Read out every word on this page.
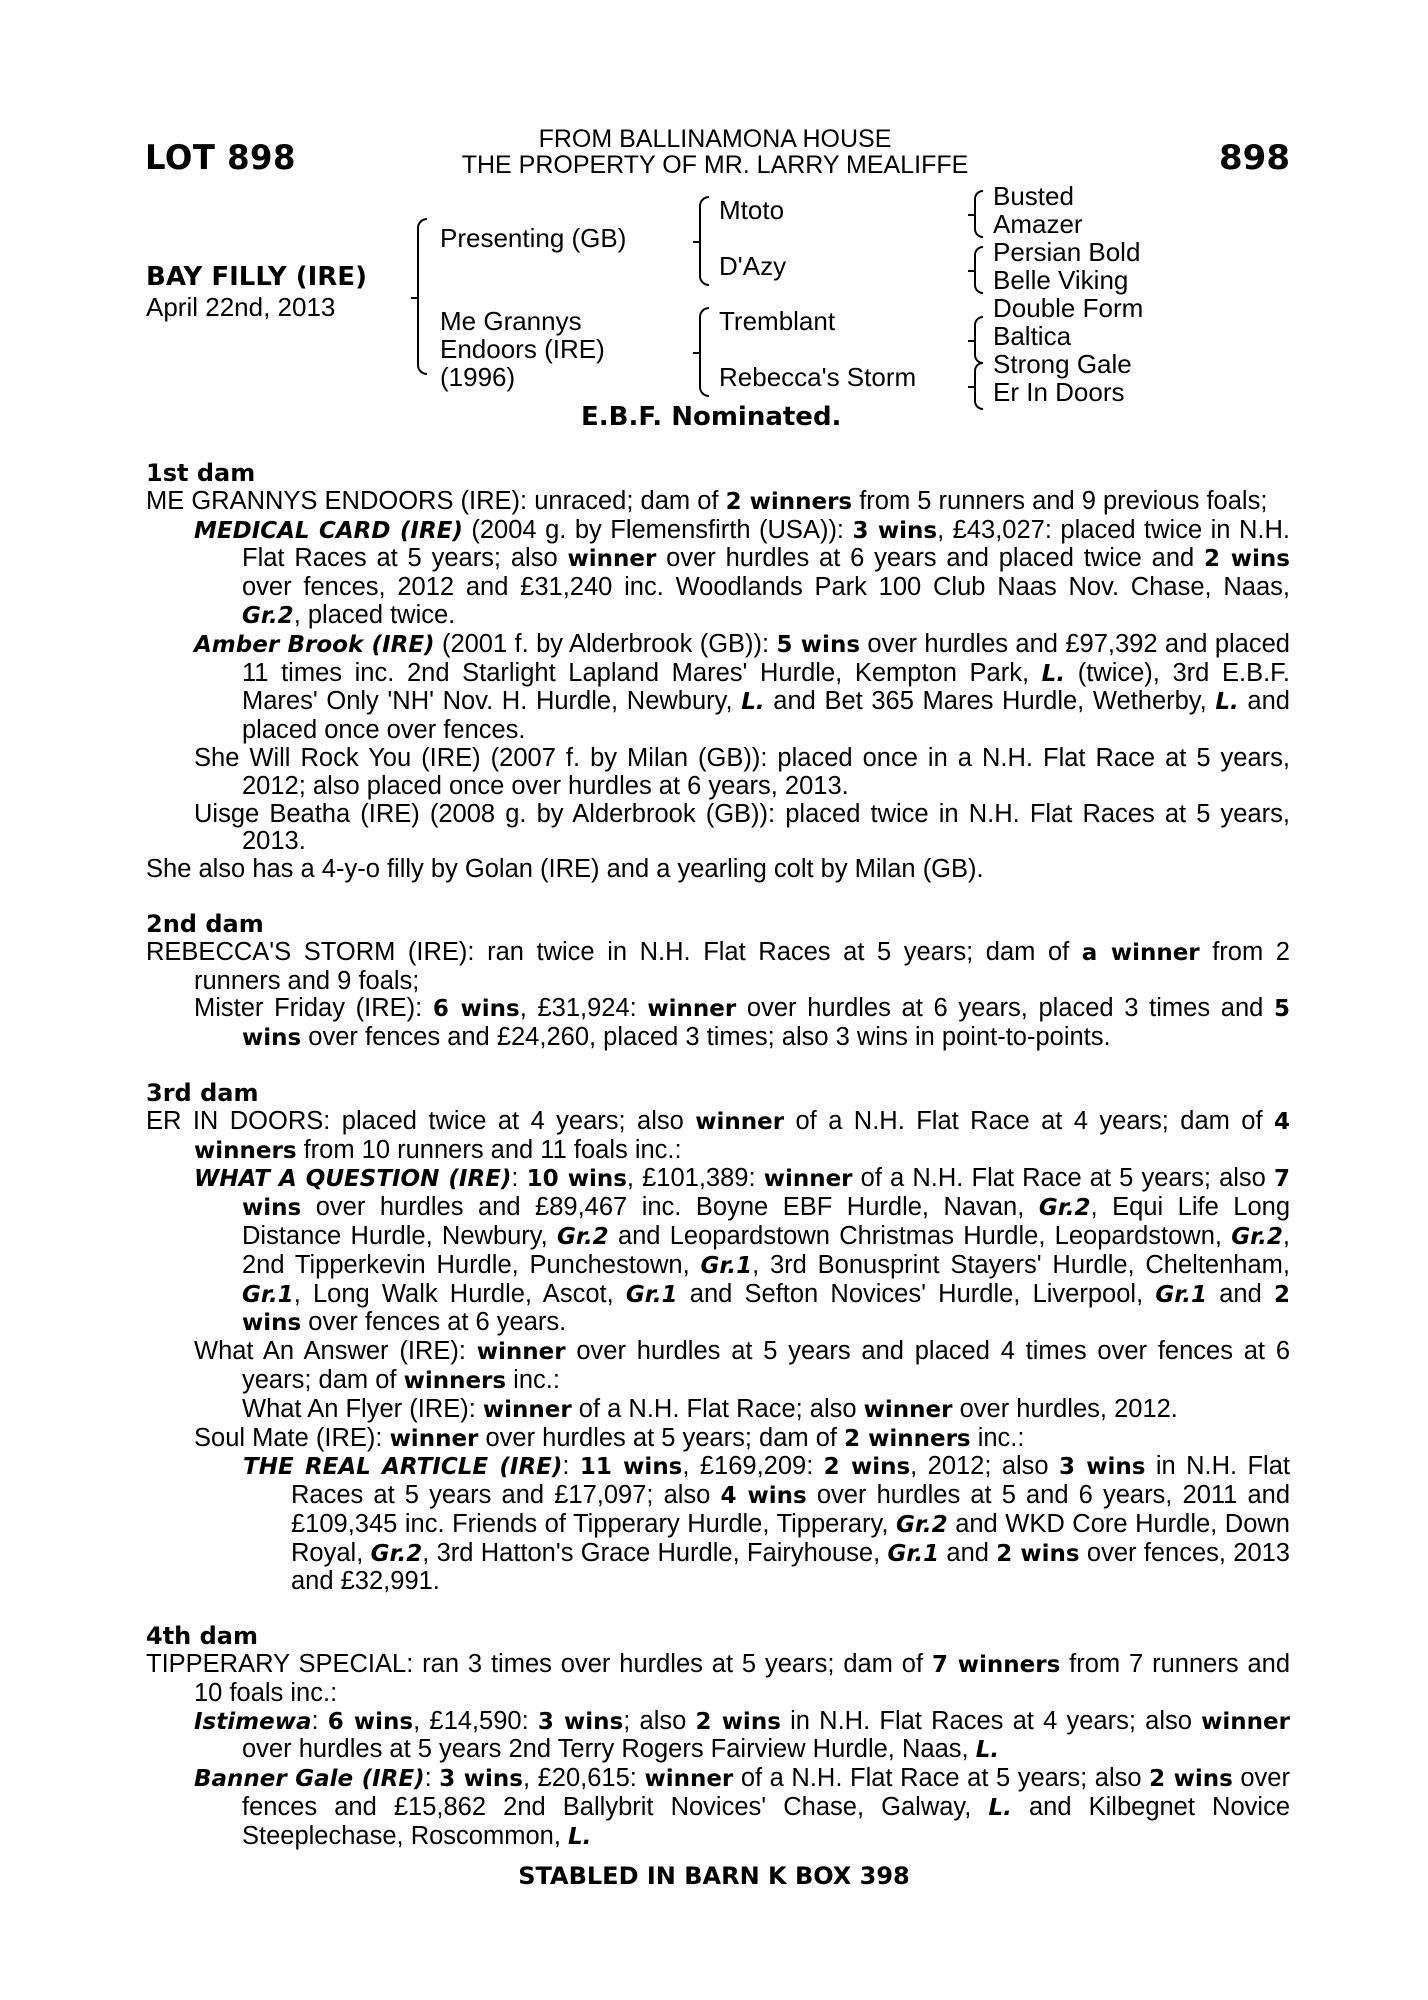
LOT 898	FROM BALLINAMONA HOUSE
THE PROPERTY OF MR. LARRY MEALIFFE	898
BAY FILLY (IRE)
April 22nd, 2013
Presenting (GB)
Me Grannys
Endoors (IRE)
(1996)
Mtoto
D'Azy
Tremblant
Rebecca's Storm
Busted
Amazer
Persian Bold
Belle Viking
Double Form
Baltica
Strong Gale
Er In Doors
E.B.F. Nominated.
1st dam
ME GRANNYS ENDOORS (IRE): unraced; dam of 2 winners from 5 runners and 9 previous foals;
MEDICAL CARD (IRE) (2004 g. by Flemensfirth (USA)): 3 wins, £43,027: placed twice in N.H. Flat Races at 5 years; also winner over hurdles at 6 years and placed twice and 2 wins over fences, 2012 and £31,240 inc. Woodlands Park 100 Club Naas Nov. Chase, Naas, Gr.2, placed twice.
Amber Brook (IRE) (2001 f. by Alderbrook (GB)): 5 wins over hurdles and £97,392 and placed 11 times inc. 2nd Starlight Lapland Mares' Hurdle, Kempton Park, L. (twice), 3rd E.B.F. Mares' Only 'NH' Nov. H. Hurdle, Newbury, L. and Bet 365 Mares Hurdle, Wetherby, L. and placed once over fences.
She Will Rock You (IRE) (2007 f. by Milan (GB)): placed once in a N.H. Flat Race at 5 years, 2012; also placed once over hurdles at 6 years, 2013.
Uisge Beatha (IRE) (2008 g. by Alderbrook (GB)): placed twice in N.H. Flat Races at 5 years, 2013.
She also has a 4-y-o filly by Golan (IRE) and a yearling colt by Milan (GB).
2nd dam
REBECCA'S STORM (IRE): ran twice in N.H. Flat Races at 5 years; dam of a winner from 2 runners and 9 foals;
Mister Friday (IRE): 6 wins, £31,924: winner over hurdles at 6 years, placed 3 times and 5 wins over fences and £24,260, placed 3 times; also 3 wins in point-to-points.
3rd dam
ER IN DOORS: placed twice at 4 years; also winner of a N.H. Flat Race at 4 years; dam of 4 winners from 10 runners and 11 foals inc.:
WHAT A QUESTION (IRE): 10 wins, £101,389: winner of a N.H. Flat Race at 5 years; also 7 wins over hurdles and £89,467 inc. Boyne EBF Hurdle, Navan, Gr.2, Equi Life Long Distance Hurdle, Newbury, Gr.2 and Leopardstown Christmas Hurdle, Leopardstown, Gr.2, 2nd Tipperkevin Hurdle, Punchestown, Gr.1, 3rd Bonusprint Stayers' Hurdle, Cheltenham, Gr.1, Long Walk Hurdle, Ascot, Gr.1 and Sefton Novices' Hurdle, Liverpool, Gr.1 and 2 wins over fences at 6 years.
What An Answer (IRE): winner over hurdles at 5 years and placed 4 times over fences at 6 years; dam of winners inc.:
What An Flyer (IRE): winner of a N.H. Flat Race; also winner over hurdles, 2012.
Soul Mate (IRE): winner over hurdles at 5 years; dam of 2 winners inc.:
THE REAL ARTICLE (IRE): 11 wins, £169,209: 2 wins, 2012; also 3 wins in N.H. Flat Races at 5 years and £17,097; also 4 wins over hurdles at 5 and 6 years, 2011 and £109,345 inc. Friends of Tipperary Hurdle, Tipperary, Gr.2 and WKD Core Hurdle, Down Royal, Gr.2, 3rd Hatton's Grace Hurdle, Fairyhouse, Gr.1 and 2 wins over fences, 2013 and £32,991.
4th dam
TIPPERARY SPECIAL: ran 3 times over hurdles at 5 years; dam of 7 winners from 7 runners and 10 foals inc.:
Istimewa: 6 wins, £14,590: 3 wins; also 2 wins in N.H. Flat Races at 4 years; also winner over hurdles at 5 years 2nd Terry Rogers Fairview Hurdle, Naas, L.
Banner Gale (IRE): 3 wins, £20,615: winner of a N.H. Flat Race at 5 years; also 2 wins over fences and £15,862 2nd Ballybrit Novices' Chase, Galway, L. and Kilbegnet Novice Steeplechase, Roscommon, L.
STABLED IN BARN K BOX 398
